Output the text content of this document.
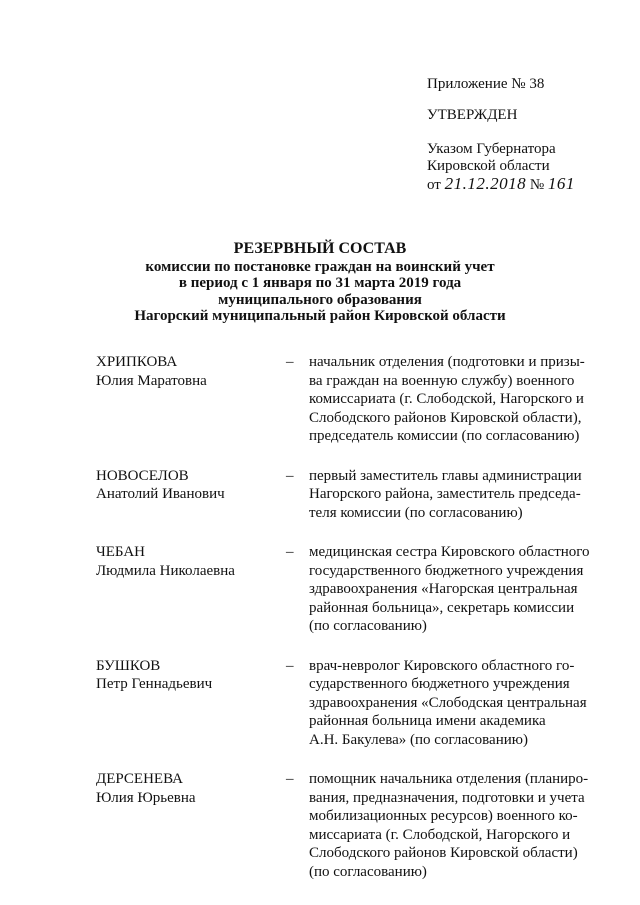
Приложение № 38
УТВЕРЖДЕН
Указом Губернатора
Кировской области
от 21.12.2018 № 161
РЕЗЕРВНЫЙ СОСТАВ
комиссии по постановке граждан на воинский учет
в период с 1 января по 31 марта 2019 года
муниципального образования
Нагорский муниципальный район Кировской области
ХРИПКОВА
Юлия Маратовна
–	начальник отделения (подготовки и призы-
ва граждан на военную службу) военного
комиссариата (г. Слободской, Нагорского и
Слободского районов Кировской области),
председатель комиссии (по согласованию)
НОВОСЕЛОВ
Анатолий Иванович
–	первый заместитель главы администрации
Нагорского района, заместитель председа-
теля комиссии (по согласованию)
ЧЕБАН
Людмила Николаевна
–	медицинская сестра Кировского областного
государственного бюджетного учреждения
здравоохранения «Нагорская центральная
районная больница», секретарь комиссии
(по согласованию)
БУШКОВ
Петр Геннадьевич
–	врач-невролог Кировского областного го-
сударственного бюджетного учреждения
здравоохранения «Слободская центральная
районная больница имени академика
А.Н. Бакулева» (по согласованию)
ДЕРСЕНЕВА
Юлия Юрьевна
–	помощник начальника отделения (планиро-
вания, предназначения, подготовки и учета
мобилизационных ресурсов) военного ко-
миссариата (г. Слободской, Нагорского и
Слободского районов Кировской области)
(по согласованию)
